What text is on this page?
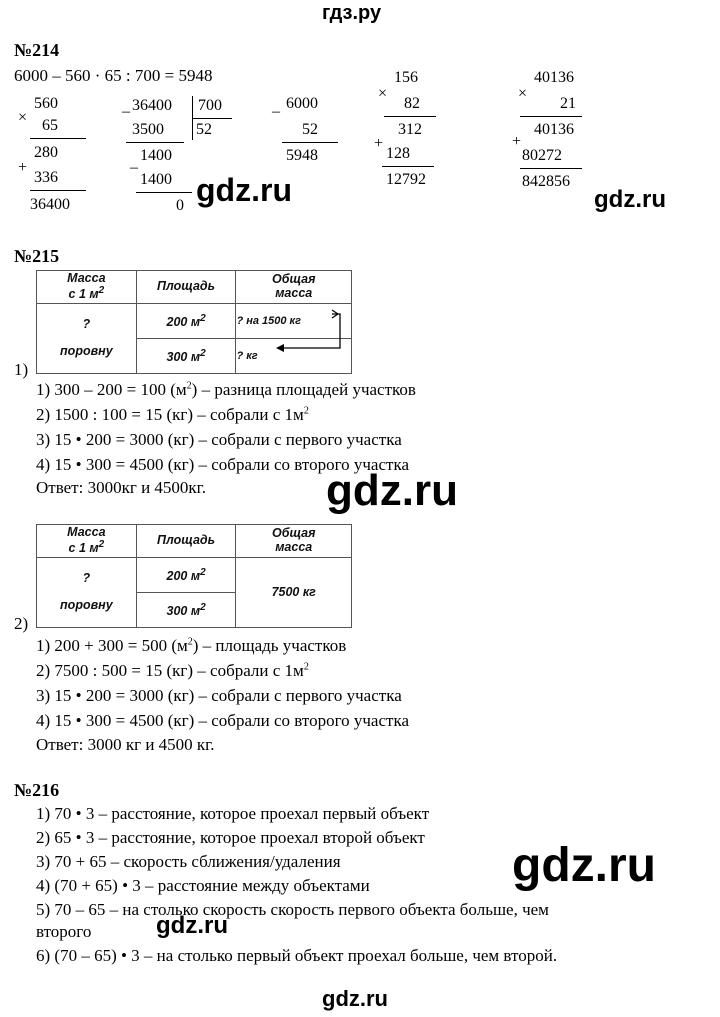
гдз.ру
№214
6000 – 560 · 65 : 700 = 5948
×
560
65
280
+
336
36400
– 36400 700
52
3500
1400
–
1400
0 gdz.ru
– 6000
52
5948
×
156
82
312
+
128
12792
×
40136
21
40136
+
80272
842856
gdz.ru
№215
Масса
с 1 $м^2$	Площадь	Общая
масса
?

поровну	200 $м^2$	? на 1500 кг
	300 $м^2$	? кг
1)
1) 300 – 200 = 100 $(м^2)$ – разница площадей участков
2) 1500 : 100 = 15 (кг) – собрали с $1м^2$
3) 15 • 200 = 3000 (кг) – собрали с первого участка
4) 15 • 300 = 4500 (кг) – собрали со второго участка
Ответ: 3000кг и 4500кг.	gdz.ru
Масса
с 1 $м^2$	Площадь	Общая
масса
?

поровну	200 $м^2$	7500 кг
	300 $м^2$
2)
1) 200 + 300 = 500 $(м^2)$ – площадь участков
2) 7500 : 500 = 15 (кг) – собрали с $1м^2$
3) 15 • 200 = 3000 (кг) – собрали с первого участка
4) 15 • 300 = 4500 (кг) – собрали со второго участка
Ответ: 3000 кг и 4500 кг.
№216
1) 70 • 3 – расстояние, которое проехал первый объект
2) 65 • 3 – расстояние, которое проехал второй объект
3) 70 + 65 – скорость сближения/удаления
4) (70 + 65) • 3 – расстояние между объектами
5) 70 – 65 – на столько скорость скорость первого объекта больше, чем
второго
6) (70 – 65) • 3 – на столько первый объект проехал больше, чем второй.
gdz.ru
gdz.ru
gdz.ru
